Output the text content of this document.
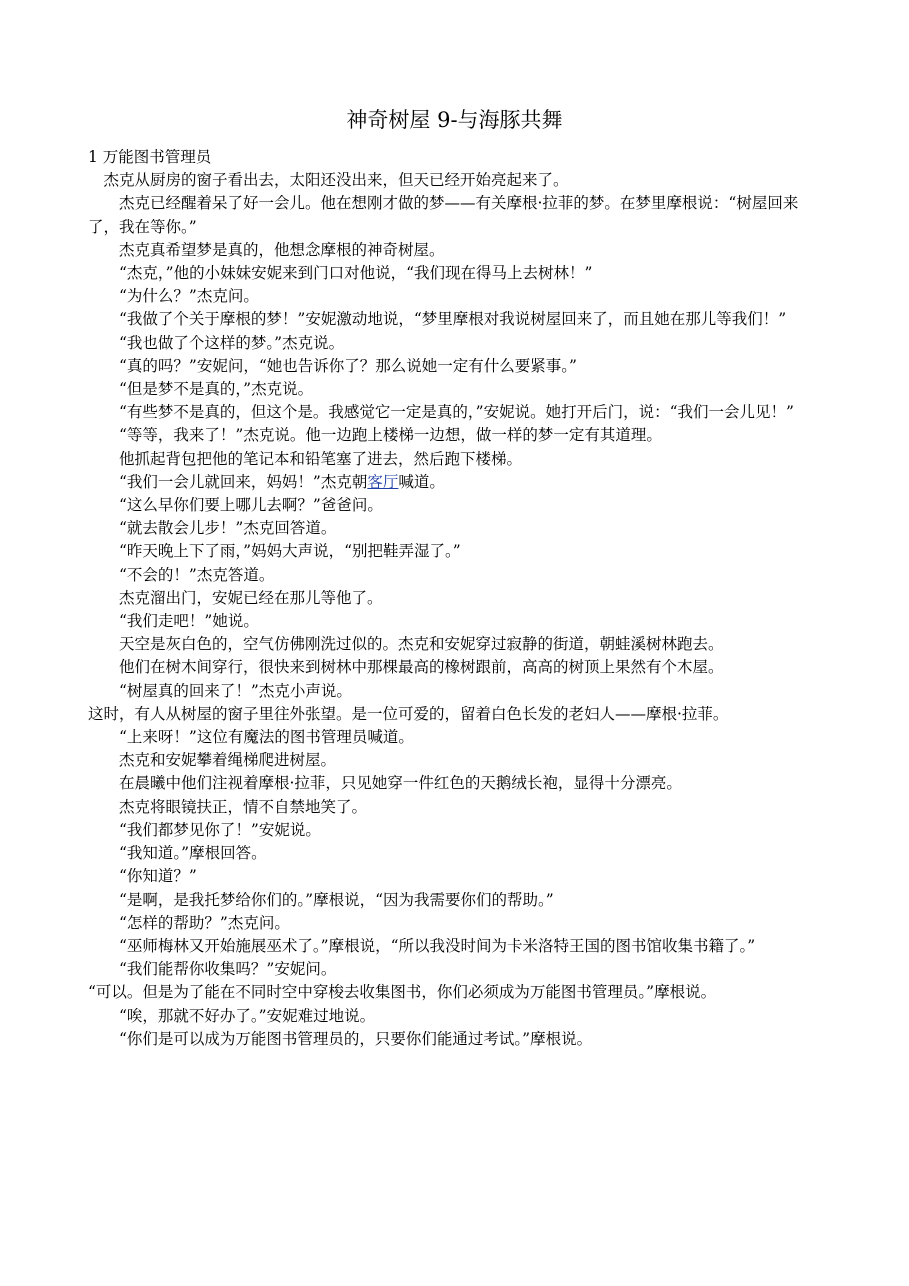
神奇树屋 9-与海豚共舞

1 万能图书管理员

杰克从厨房的窗子看出去，太阳还没出来，但天已经开始亮起来了。

杰克已经醒着呆了好一会儿。他在想刚才做的梦——有关摩根·拉菲的梦。在梦里摩根说：“树屋回来了，我在等你。”

杰克真希望梦是真的，他想念摩根的神奇树屋。

“杰克，”他的小妹妹安妮来到门口对他说，“我们现在得马上去树林！”

“为什么？”杰克问。

“我做了个关于摩根的梦！”安妮激动地说，“梦里摩根对我说树屋回来了，而且她在那儿等我们！”

“我也做了个这样的梦。”杰克说。

“真的吗？”安妮问，“她也告诉你了？那么说她一定有什么要紧事。”

“但是梦不是真的，”杰克说。

“有些梦不是真的，但这个是。我感觉它一定是真的，”安妮说。她打开后门，说：“我们一会儿见！”

“等等，我来了！”杰克说。他一边跑上楼梯一边想，做一样的梦一定有其道理。

他抓起背包把他的笔记本和铅笔塞了进去，然后跑下楼梯。

“我们一会儿就回来，妈妈！”杰克朝客厅喊道。

“这么早你们要上哪儿去啊？”爸爸问。

“就去散会儿步！”杰克回答道。

“昨天晚上下了雨，”妈妈大声说，“别把鞋弄湿了。”

“不会的！”杰克答道。

杰克溜出门，安妮已经在那儿等他了。

“我们走吧！”她说。

天空是灰白色的，空气仿佛刚洗过似的。杰克和安妮穿过寂静的街道，朝蛙溪树林跑去。

他们在树木间穿行，很快来到树林中那棵最高的橡树跟前，高高的树顶上果然有个木屋。

“树屋真的回来了！”杰克小声说。

这时，有人从树屋的窗子里往外张望。是一位可爱的，留着白色长发的老妇人——摩根·拉菲。

“上来呀！”这位有魔法的图书管理员喊道。

杰克和安妮攀着绳梯爬进树屋。

在晨曦中他们注视着摩根·拉菲，只见她穿一件红色的天鹅绒长袍，显得十分漂亮。

杰克将眼镜扶正，情不自禁地笑了。

“我们都梦见你了！”安妮说。

“我知道。”摩根回答。

“你知道？”

“是啊，是我托梦给你们的。”摩根说，“因为我需要你们的帮助。”

“怎样的帮助？”杰克问。

“巫师梅林又开始施展巫术了。”摩根说，“所以我没时间为卡米洛特王国的图书馆收集书籍了。”

“我们能帮你收集吗？”安妮问。

“可以。但是为了能在不同时空中穿梭去收集图书，你们必须成为万能图书管理员。”摩根说。

“唉，那就不好办了。”安妮难过地说。

“你们是可以成为万能图书管理员的，只要你们能通过考试。”摩根说。
